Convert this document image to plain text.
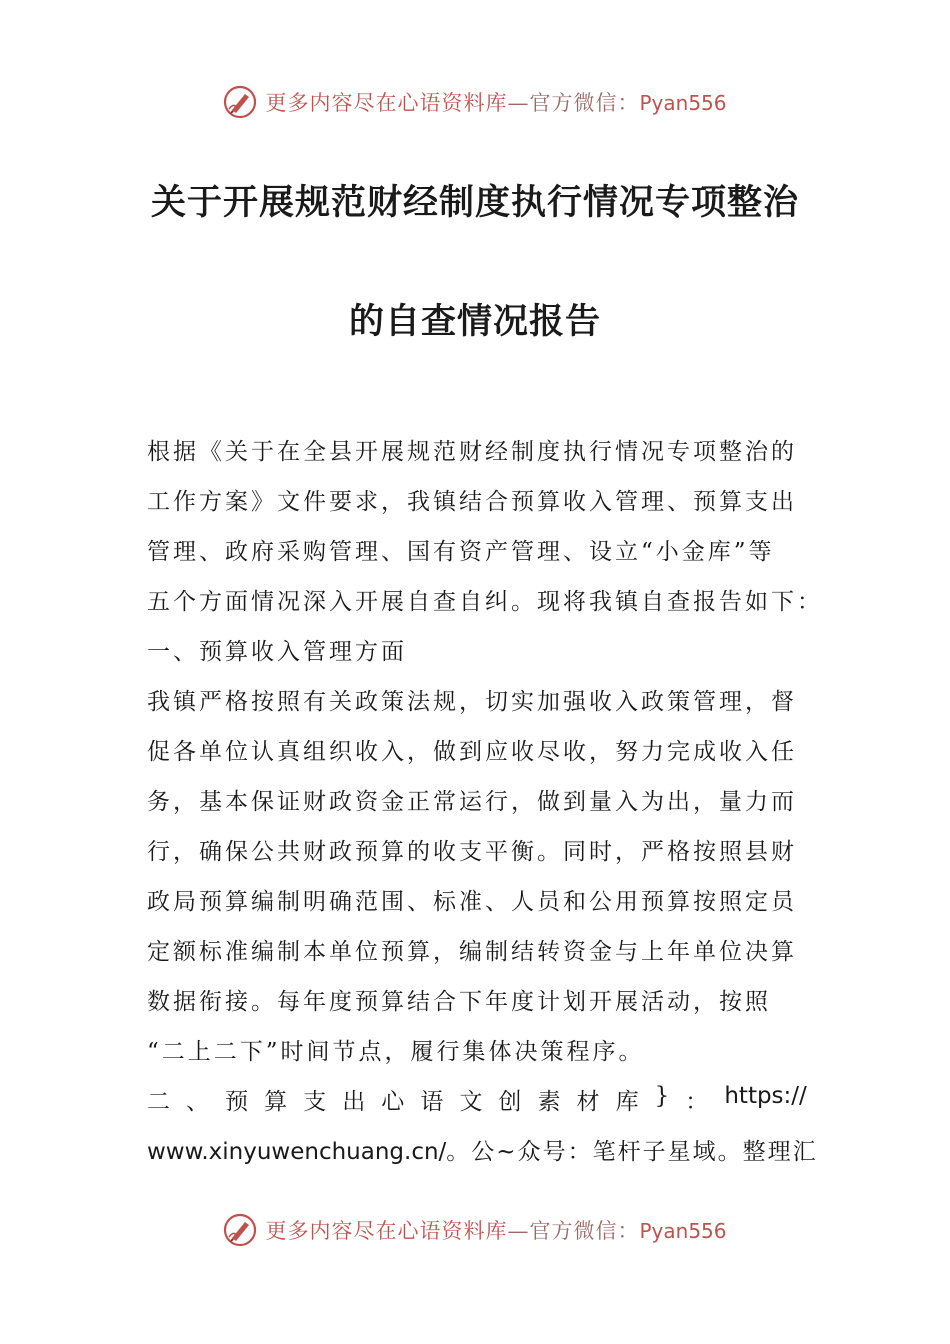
更多内容尽在心语资料库—官方微信：Pyan556
关于开展规范财经制度执行情况专项整治
的自查情况报告
根据《关于在全县开展规范财经制度执行情况专项整治的
工作方案》文件要求，我镇结合预算收入管理、预算支出
管理、政府采购管理、国有资产管理、设立“小金库”等
五个方面情况深入开展自查自纠。现将我镇自查报告如下：
一、预算收入管理方面
我镇严格按照有关政策法规，切实加强收入政策管理，督
促各单位认真组织收入，做到应收尽收，努力完成收入任
务，基本保证财政资金正常运行，做到量入为出，量力而
行，确保公共财政预算的收支平衡。同时，严格按照县财
政局预算编制明确范围、标准、人员和公用预算按照定员
定额标准编制本单位预算，编制结转资金与上年单位决算
数据衔接。每年度预算结合下年度计划开展活动，按照
“二上二下”时间节点，履行集体决策程序。
二 、 预 算 支 出 心 语 文 创 素 材 库 } ： https://
www.xinyuwenchuang.cn/。公~众号：笔杆子星域。整理汇
更多内容尽在心语资料库—官方微信：Pyan556
